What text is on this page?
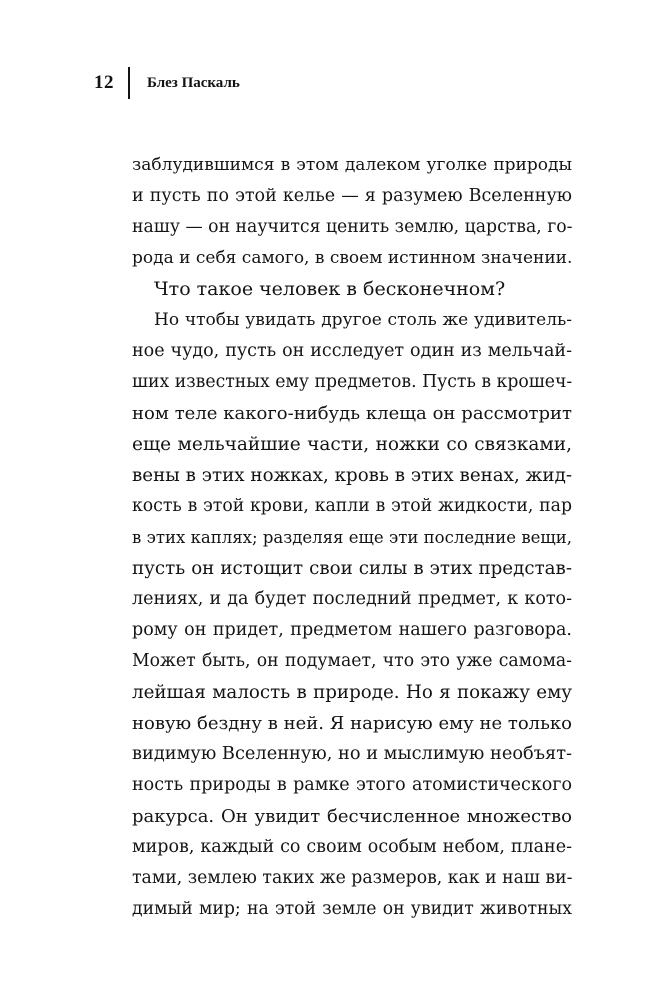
12 Блез Паскаль
заблудившимся в этом далеком уголке природы
и пусть по этой келье — я разумею Вселенную
нашу — он научится ценить землю, царства, го-
рода и себя самого, в своем истинном значении.
Что такое человек в бесконечном?
Но чтобы увидать другое столь же удивитель-
ное чудо, пусть он исследует один из мельчай-
ших известных ему предметов. Пусть в крошеч-
ном теле какого-нибудь клеща он рассмотрит
еще мельчайшие части, ножки со связками,
вены в этих ножках, кровь в этих венах, жид-
кость в этой крови, капли в этой жидкости, пар
в этих каплях; разделяя еще эти последние вещи,
пусть он истощит свои силы в этих представ-
лениях, и да будет последний предмет, к кото-
рому он придет, предметом нашего разговора.
Может быть, он подумает, что это уже самома-
лейшая малость в природе. Но я покажу ему
новую бездну в ней. Я нарисую ему не только
видимую Вселенную, но и мыслимую необъят-
ность природы в рамке этого атомистического
ракурса. Он увидит бесчисленное множество
миров, каждый со своим особым небом, плане-
тами, землею таких же размеров, как и наш ви-
димый мир; на этой земле он увидит животных
